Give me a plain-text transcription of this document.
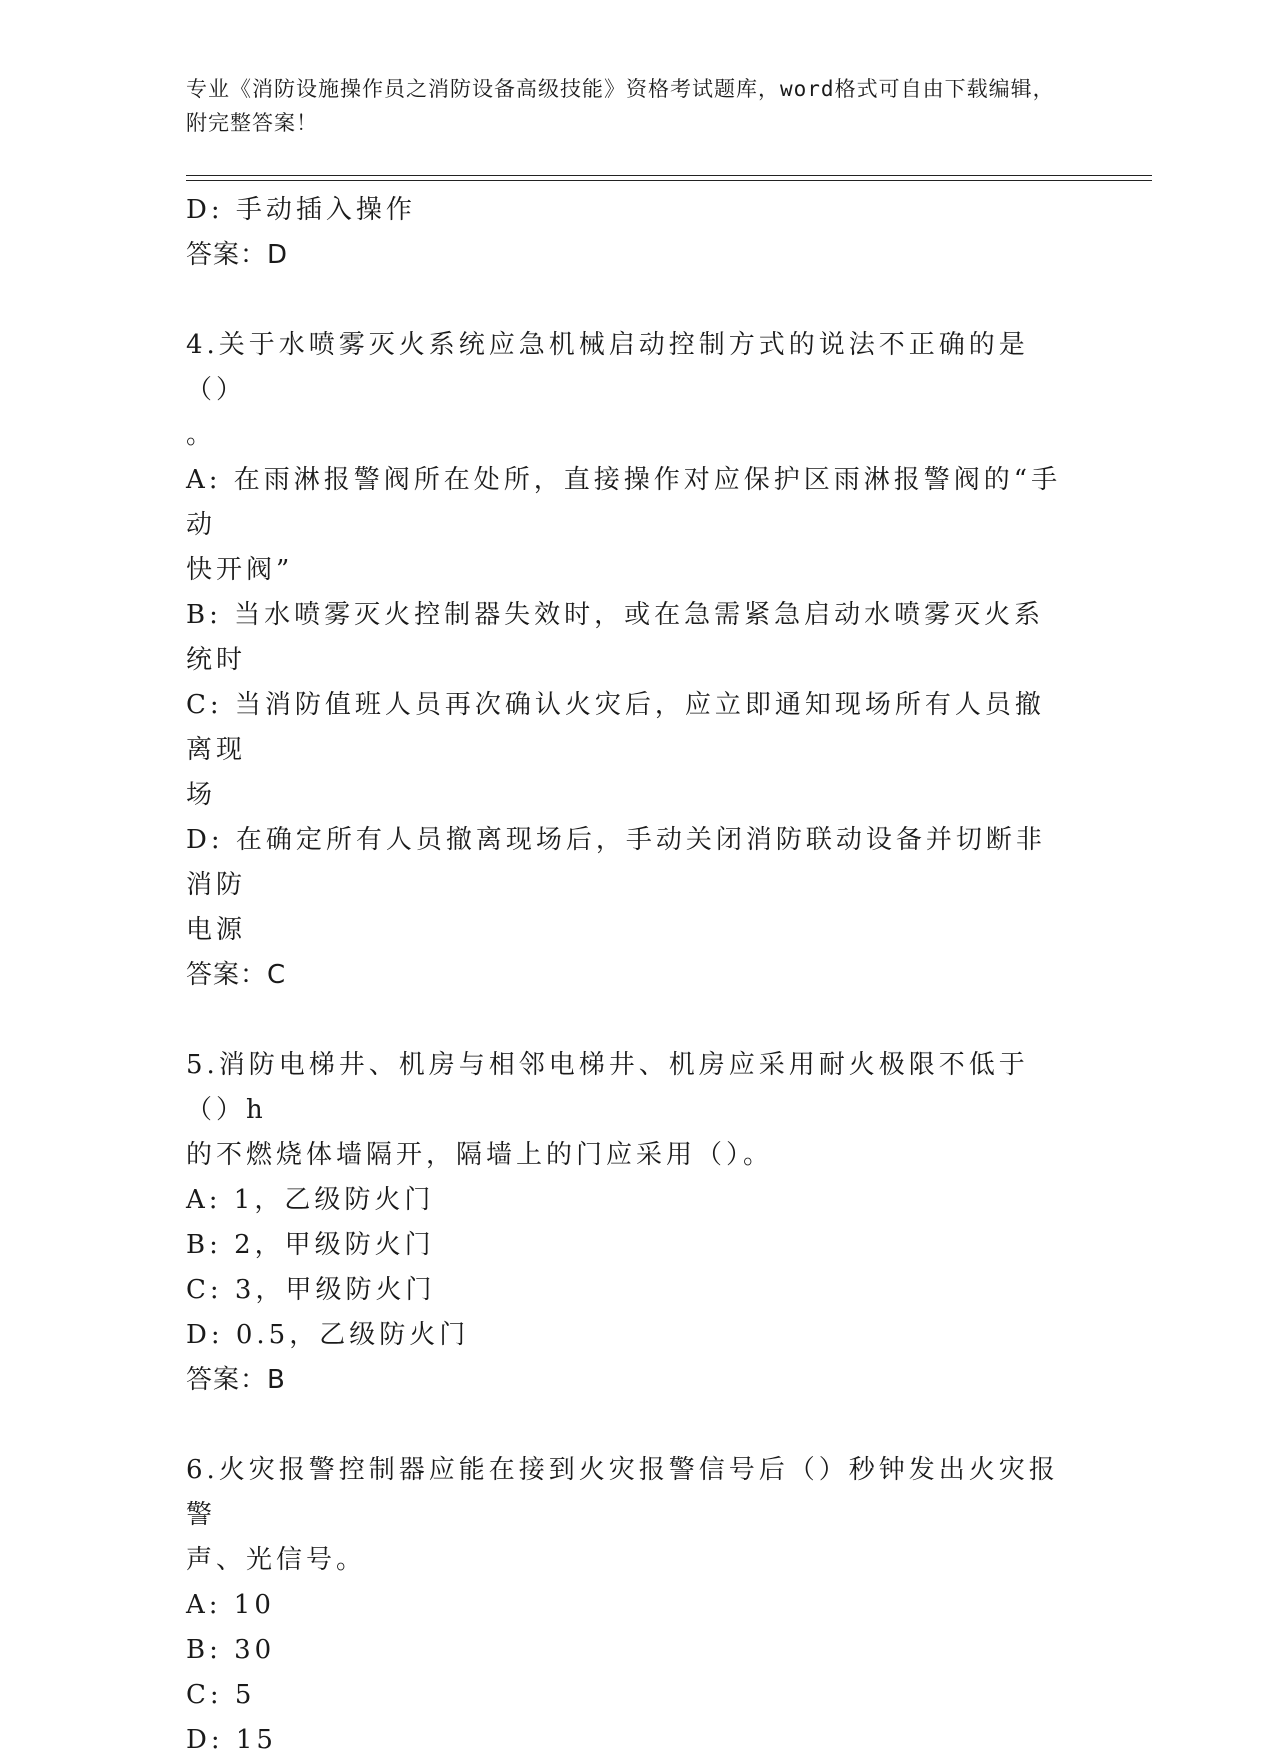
专业《消防设施操作员之消防设备高级技能》资格考试题库，word格式可自由下载编辑，附完整答案！

D: 手动插入操作

答案：D

4.关于水喷雾灭火系统应急机械启动控制方式的说法不正确的是（）

。

A: 在雨淋报警阀所在处所，直接操作对应保护区雨淋报警阀的“手动

快开阀”

B: 当水喷雾灭火控制器失效时，或在急需紧急启动水喷雾灭火系统时

C: 当消防值班人员再次确认火灾后，应立即通知现场所有人员撤离现

场

D: 在确定所有人员撤离现场后，手动关闭消防联动设备并切断非消防

电源

答案：C

5.消防电梯井、机房与相邻电梯井、机房应采用耐火极限不低于（）h

的不燃烧体墙隔开，隔墙上的门应采用（）。

A: 1，乙级防火门

B: 2，甲级防火门

C: 3，甲级防火门

D: 0.5，乙级防火门

答案：B

6.火灾报警控制器应能在接到火灾报警信号后（）秒钟发出火灾报警

声、光信号。

A: 10

B: 30

C: 5

D: 15
